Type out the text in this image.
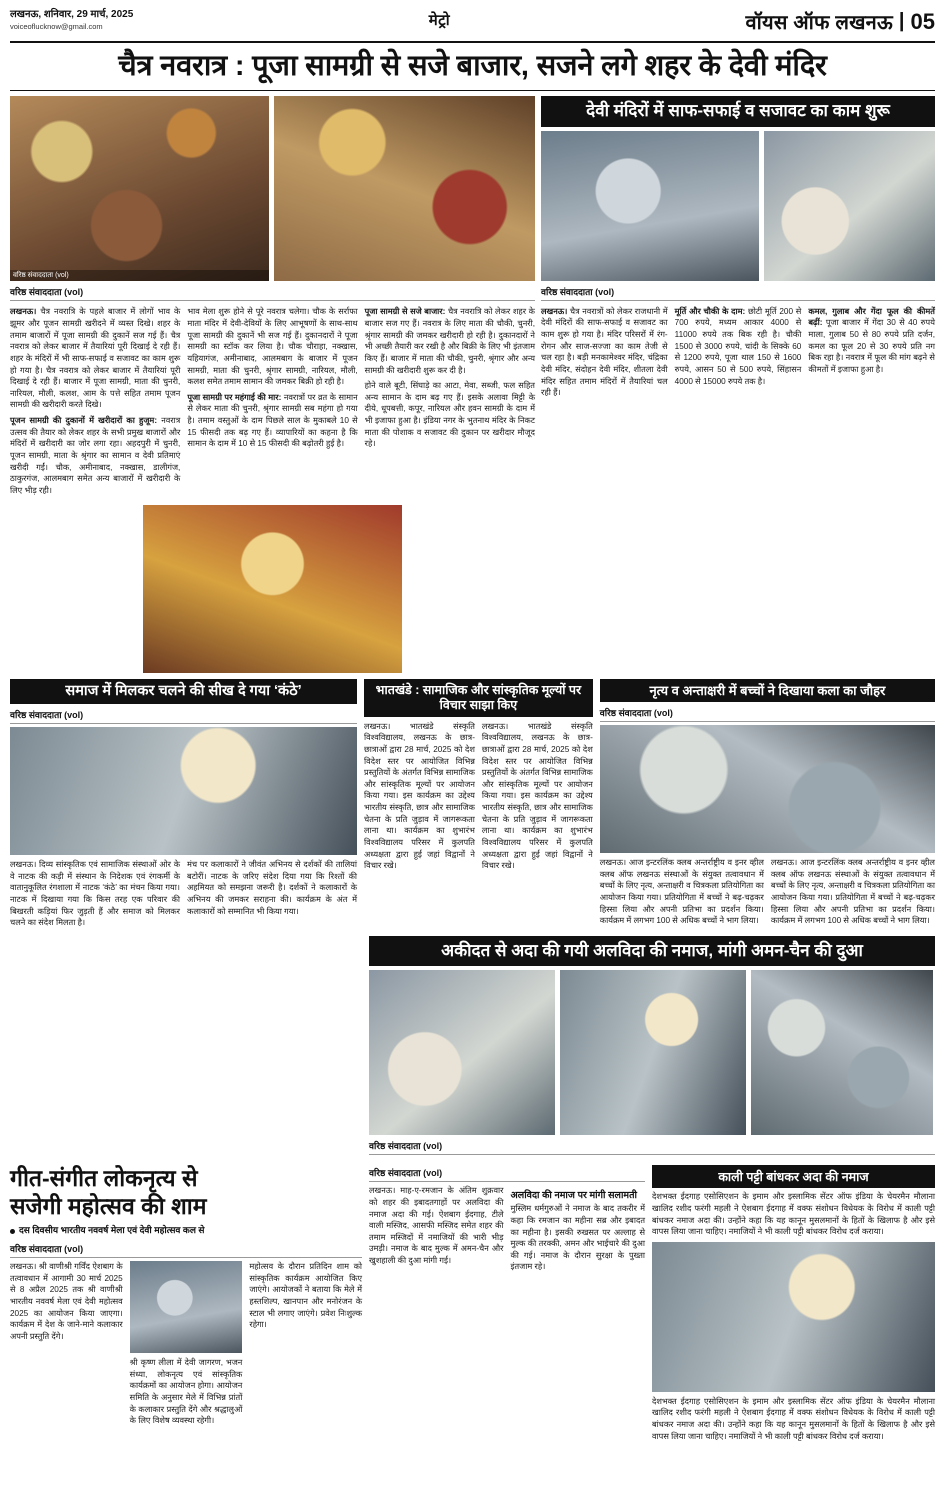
लखनऊ, शनिवार, 29 मार्च, 2025
voiceoflucknow@gmail.com	मेट्रो	वॉयस ऑफ लखनऊ | 05
चैत्र नवरात्र : पूजा सामग्री से सजे बाजार, सजने लगे शहर के देवी मंदिर
वरिष्ठ संवाददाता (vol)
वरिष्ठ संवाददाता (vol)

लखनऊ। चैत्र नवरात्रि के पहले बाजार में लोगों भाव के झूमर और पूजन सामग्री खरीदने में व्यस्त दिखे। शहर के तमाम बाजारों में पूजा सामग्री की दुकानें सज गई हैं। चैत्र नवरात्र को लेकर बाजार में तैयारियां पूरी दिखाई दे रही हैं। शहर के मंदिरों में भी साफ-सफाई व सजावट का काम शुरू हो गया है। चैत्र नवरात्र को लेकर बाजार में तैयारियां पूरी दिखाई दे रही हैं। बाजार में पूजा सामग्री, माता की चुनरी, नारियल, मौली, कलश, आम के पत्ते सहित तमाम पूजन सामग्री की खरीदारी करते दिखे।

पूजन सामग्री की दुकानों में खरीदारों का हुजूम: नवरात्र उत्सव की तैयार को लेकर शहर के सभी प्रमुख बाजारों और मंदिरों में खरीदारी का जोर लगा रहा। अहदपुरी में चुनरी, पूजन सामग्री, माता के श्रृंगार का सामान व देवी प्रतिमाएं खरीदी गईं। चौक, अमीनाबाद, नक्खास, डालीगंज, ठाकुरगंज, आलमबाग समेत अन्य बाजारों में खरीदारी के लिए भीड़ रही।

भाव मेला शुरू होने से पूरे नवरात्र चलेगा। चौक के सर्राफा माता मंदिर में देवी-देवियों के लिए आभूषणों के साथ-साथ पूजा सामग्री की दुकानें भी सज गई हैं। दुकानदारों ने पूजा सामग्री का स्टॉक कर लिया है। चौक चौराहा, नक्खास, यहियागंज, अमीनाबाद, आलमबाग के बाजार में पूजन सामग्री, माता की चुनरी, श्रृंगार सामग्री, नारियल, मौली, कलश समेत तमाम सामान की जमकर बिक्री हो रही है।

पूजा सामग्री पर महंगाई की मार: नवरात्रों पर व्रत के सामान से लेकर माता की चुनरी, श्रृंगार सामग्री सब महंगा हो गया है। तमाम वस्तुओं के दाम पिछले साल के मुकाबले 10 से 15 फीसदी तक बढ़ गए हैं। व्यापारियों का कहना है कि सामान के दाम में 10 से 15 फीसदी की बढ़ोतरी हुई है।

पूजा सामग्री से सजे बाजार: चैत्र नवरात्रि को लेकर शहर के बाजार सज गए हैं। नवरात्र के लिए माता की चौकी, चुनरी, श्रृंगार सामग्री की जमकर खरीदारी हो रही है। दुकानदारों ने भी अच्छी तैयारी कर रखी है और बिक्री के लिए भी इंतजाम किए हैं। बाजार में माता की चौकी, चुनरी, श्रृंगार और अन्य सामग्री की खरीदारी शुरू कर दी है।

होने वाले बूटी, सिंघाड़े का आटा, मेवा, सब्जी, फल सहित अन्य सामान के दाम बढ़ गए हैं। इसके अलावा मिट्टी के दीये, धूपबत्ती, कपूर, नारियल और हवन सामग्री के दाम में भी इजाफा हुआ है। इंडिया नगर के भुतनाथ मंदिर के निकट माता की पोशाक व सजावट की दुकान पर खरीदार मौजूद रहे।

देवी मंदिरों में साफ-सफाई व सजावट का काम शुरू
वरिष्ठ संवाददाता (vol)

लखनऊ। चैत्र नवरात्रों को लेकर राजधानी में देवी मंदिरों की साफ-सफाई व सजावट का काम शुरू हो गया है। मंदिर परिसरों में रंग-रोगन और साज-सज्जा का काम तेजी से चल रहा है। बड़ी मनकामेश्वर मंदिर, चंद्रिका देवी मंदिर, संदोहन देवी मंदिर, शीतला देवी मंदिर सहित तमाम मंदिरों में तैयारियां चल रही हैं।

मूर्ति और चौकी के दाम: छोटी मूर्ति 200 से 700 रुपये, मध्यम आकार 4000 से 11000 रुपये तक बिक रही है। चौकी 1500 से 3000 रुपये, चांदी के सिक्के 60 से 1200 रुपये, पूजा थाल 150 से 1600 रुपये, आसन 50 से 500 रुपये, सिंहासन 4000 से 15000 रुपये तक है।

कमल, गुलाब और गेंदा फूल की कीमतें बढ़ीं: पूजा बाजार में गेंदा 30 से 40 रुपये माला, गुलाब 50 से 80 रुपये प्रति दर्जन, कमल का फूल 20 से 30 रुपये प्रति नग बिक रहा है। नवरात्र में फूल की मांग बढ़ने से कीमतों में इजाफा हुआ है।

समाज में मिलकर चलने की सीख दे गया ‘कंठे’
वरिष्ठ संवाददाता (vol)
लखनऊ। दिव्य सांस्कृतिक एवं सामाजिक संस्थाओं ओर के वे नाटक की कड़ी में संस्थान के निदेशक एवं रंगकर्मी के वातानुकूलित रंगशाला में नाटक ‘कंठे’ का मंचन किया गया। नाटक में दिखाया गया कि किस तरह एक परिवार की बिखरती कड़ियां फिर जुड़ती हैं और समाज को मिलकर चलने का संदेश मिलता है।
मंच पर कलाकारों ने जीवंत अभिनय से दर्शकों की तालियां बटोरीं। नाटक के जरिए संदेश दिया गया कि रिश्तों की अहमियत को समझना जरूरी है। दर्शकों ने कलाकारों के अभिनय की जमकर सराहना की। कार्यक्रम के अंत में कलाकारों को सम्मानित भी किया गया।
भातखंडे : सामाजिक और सांस्कृतिक मूल्यों पर विचार साझा किए
लखनऊ। भातखंडे संस्कृति विश्वविद्यालय, लखनऊ के छात्र-छात्राओं द्वारा 28 मार्च, 2025 को देश विदेश स्तर पर आयोजित विभिन्न प्रस्तुतियों के अंतर्गत विभिन्न सामाजिक और सांस्कृतिक मूल्यों पर आयोजन किया गया। इस कार्यक्रम का उद्देश्य भारतीय संस्कृति, छात्र और सामाजिक चेतना के प्रति जुड़ाव में जागरूकता लाना था। कार्यक्रम का शुभारंभ विश्वविद्यालय परिसर में कुलपति अध्यक्षता द्वारा हुई जहां विद्वानों ने विचार रखे।
लखनऊ। भातखंडे संस्कृति विश्वविद्यालय, लखनऊ के छात्र-छात्राओं द्वारा 28 मार्च, 2025 को देश विदेश स्तर पर आयोजित विभिन्न प्रस्तुतियों के अंतर्गत विभिन्न सामाजिक और सांस्कृतिक मूल्यों पर आयोजन किया गया। इस कार्यक्रम का उद्देश्य भारतीय संस्कृति, छात्र और सामाजिक चेतना के प्रति जुड़ाव में जागरूकता लाना था। कार्यक्रम का शुभारंभ विश्वविद्यालय परिसर में कुलपति अध्यक्षता द्वारा हुई जहां विद्वानों ने विचार रखे।
नृत्य व अन्ताक्षरी में बच्चों ने दिखाया कला का जौहर
वरिष्ठ संवाददाता (vol)
लखनऊ। आज इन्टरलिंक क्लब अन्तर्राष्ट्रीय व इनर व्हील क्लब ऑफ लखनऊ संस्थाओं के संयुक्त तत्वावधान में बच्चों के लिए नृत्य, अन्ताक्षरी व चित्रकला प्रतियोगिता का आयोजन किया गया। प्रतियोगिता में बच्चों ने बढ़-चढ़कर हिस्सा लिया और अपनी प्रतिभा का प्रदर्शन किया। कार्यक्रम में लगभग 100 से अधिक बच्चों ने भाग लिया।
लखनऊ। आज इन्टरलिंक क्लब अन्तर्राष्ट्रीय व इनर व्हील क्लब ऑफ लखनऊ संस्थाओं के संयुक्त तत्वावधान में बच्चों के लिए नृत्य, अन्ताक्षरी व चित्रकला प्रतियोगिता का आयोजन किया गया। प्रतियोगिता में बच्चों ने बढ़-चढ़कर हिस्सा लिया और अपनी प्रतिभा का प्रदर्शन किया। कार्यक्रम में लगभग 100 से अधिक बच्चों ने भाग लिया।
अकीदत से अदा की गयी अलविदा की नमाज, मांगी अमन-चैन की दुआ
वरिष्ठ संवाददाता (vol)
गीत-संगीत लोकनृत्य से
सजेगी महोत्सव की शाम
दस दिवसीय भारतीय नववर्ष मेला एवं देवी महोत्सव कल से
वरिष्ठ संवाददाता (vol)
लखनऊ। श्री वाणीश्री गर्विंद ऐशबाग के तत्वावधान में आगामी 30 मार्च 2025 से 8 अप्रैल 2025 तक श्री वाणीश्री भारतीय नववर्ष मेला एवं देवी महोत्सव 2025 का आयोजन किया जाएगा। कार्यक्रम में देश के जाने-माने कलाकार अपनी प्रस्तुति देंगे।
श्री कृष्ण लीला में देवी जागरण, भजन संध्या, लोकनृत्य एवं सांस्कृतिक कार्यक्रमों का आयोजन होगा। आयोजन समिति के अनुसार मेले में विभिन्न प्रांतों के कलाकार प्रस्तुति देंगे और श्रद्धालुओं के लिए विशेष व्यवस्था रहेगी।
महोत्सव के दौरान प्रतिदिन शाम को सांस्कृतिक कार्यक्रम आयोजित किए जाएंगे। आयोजकों ने बताया कि मेले में हस्तशिल्प, खानपान और मनोरंजन के स्टाल भी लगाए जाएंगे। प्रवेश निःशुल्क रहेगा।
वरिष्ठ संवाददाता (vol)
लखनऊ। माह-ए-रमजान के अंतिम शुक्रवार को शहर की इबादतगाहों पर अलविदा की नमाज अदा की गई। ऐशबाग ईदगाह, टीले वाली मस्जिद, आसफी मस्जिद समेत शहर की तमाम मस्जिदों में नमाजियों की भारी भीड़ उमड़ी। नमाज के बाद मुल्क में अमन-चैन और खुशहाली की दुआ मांगी गई।
अलविदा की नमाज पर मांगी सलामती
मुस्लिम धर्मगुरुओं ने नमाज के बाद तकरीर में कहा कि रमजान का महीना सब्र और इबादत का महीना है। इसकी रुखसत पर अल्लाह से मुल्क की तरक्की, अमन और भाईचारे की दुआ की गई। नमाज के दौरान सुरक्षा के पुख्ता इंतजाम रहे।
काली पट्टी बांधकर अदा की नमाज
देशभक्त ईदगाह एसोसिएशन के इमाम और इस्लामिक सेंटर ऑफ इंडिया के चेयरमैन मौलाना खालिद रशीद फरंगी महली ने ऐशबाग ईदगाह में वक्फ संशोधन विधेयक के विरोध में काली पट्टी बांधकर नमाज अदा की। उन्होंने कहा कि यह कानून मुसलमानों के हितों के खिलाफ है और इसे वापस लिया जाना चाहिए। नमाजियों ने भी काली पट्टी बांधकर विरोध दर्ज कराया।
देशभक्त ईदगाह एसोसिएशन के इमाम और इस्लामिक सेंटर ऑफ इंडिया के चेयरमैन मौलाना खालिद रशीद फरंगी महली ने ऐशबाग ईदगाह में वक्फ संशोधन विधेयक के विरोध में काली पट्टी बांधकर नमाज अदा की। उन्होंने कहा कि यह कानून मुसलमानों के हितों के खिलाफ है और इसे वापस लिया जाना चाहिए। नमाजियों ने भी काली पट्टी बांधकर विरोध दर्ज कराया।
